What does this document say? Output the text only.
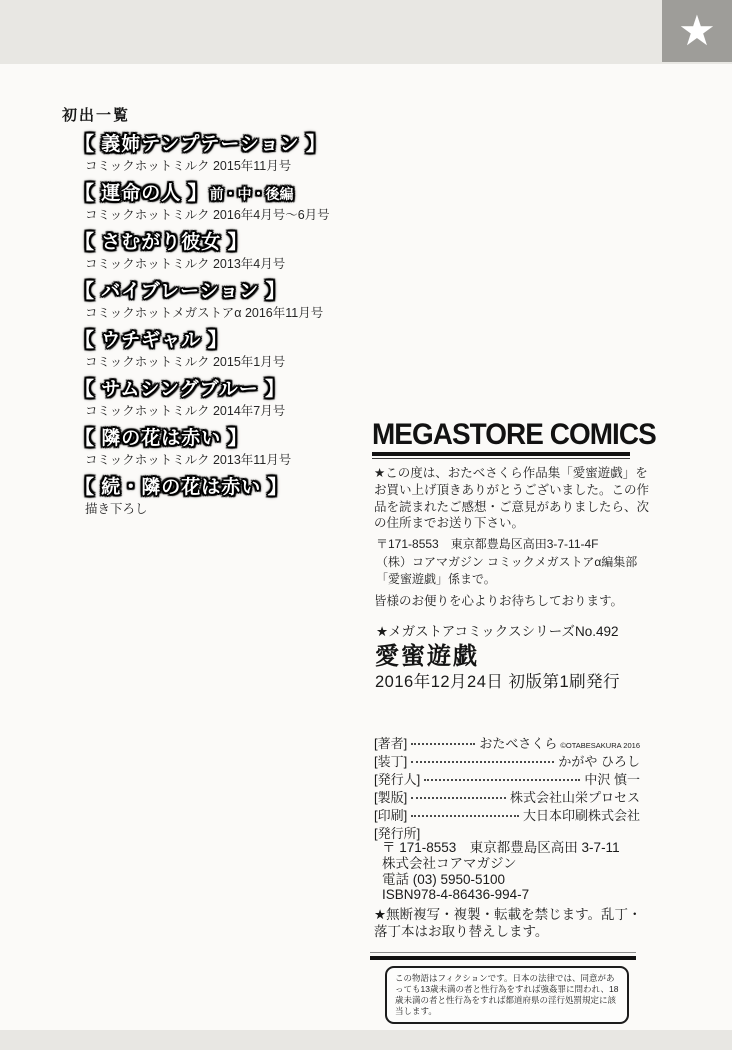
★
初出一覧
【 義姉テンプテーション 】
コミックホットミルク 2015年11月号
【 運命の人 】 前・中・後編
コミックホットミルク 2016年4月号～6月号
【 さむがり彼女 】
コミックホットミルク 2013年4月号
【 バイブレーション 】
コミックホットメガストアα 2016年11月号
【 ウチギャル 】
コミックホットミルク 2015年1月号
【 サムシングブルー 】
コミックホットミルク 2014年7月号
【 隣の花は赤い 】
コミックホットミルク 2013年11月号
【 続・隣の花は赤い 】
描き下ろし
MEGASTORE COMICS
★この度は、おたべさくら作品集「愛蜜遊戯」をお買い上げ頂きありがとうございました。この作品を読まれたご感想・ご意見がありましたら、次の住所までお送り下さい。
〒171-8553　東京都豊島区高田3-7-11-4F
（株）コアマガジン コミックメガストアα編集部
「愛蜜遊戯」係まで。
皆様のお便りを心よりお待ちしております。
★メガストアコミックスシリーズNo.492
愛蜜遊戯
2016年12月24日 初版第1刷発行
[著者]	おたべさくら ©OTABESAKURA 2016
[装丁]	かがや ひろし
[発行人]	中沢 慎一
[製版]	株式会社山栄プロセス
[印刷]	大日本印刷株式会社
[発行所]
〒 171-8553　東京都豊島区高田 3-7-11
株式会社コアマガジン
電話 (03) 5950-5100
ISBN978-4-86436-994-7
★無断複写・複製・転載を禁じます。乱丁・落丁本はお取り替えします。
この物語はフィクションです。日本の法律では、同意があっても13歳未満の者と性行為をすれば強姦罪に問われ、18歳未満の者と性行為をすれば都道府県の淫行処罰規定に該当します。
